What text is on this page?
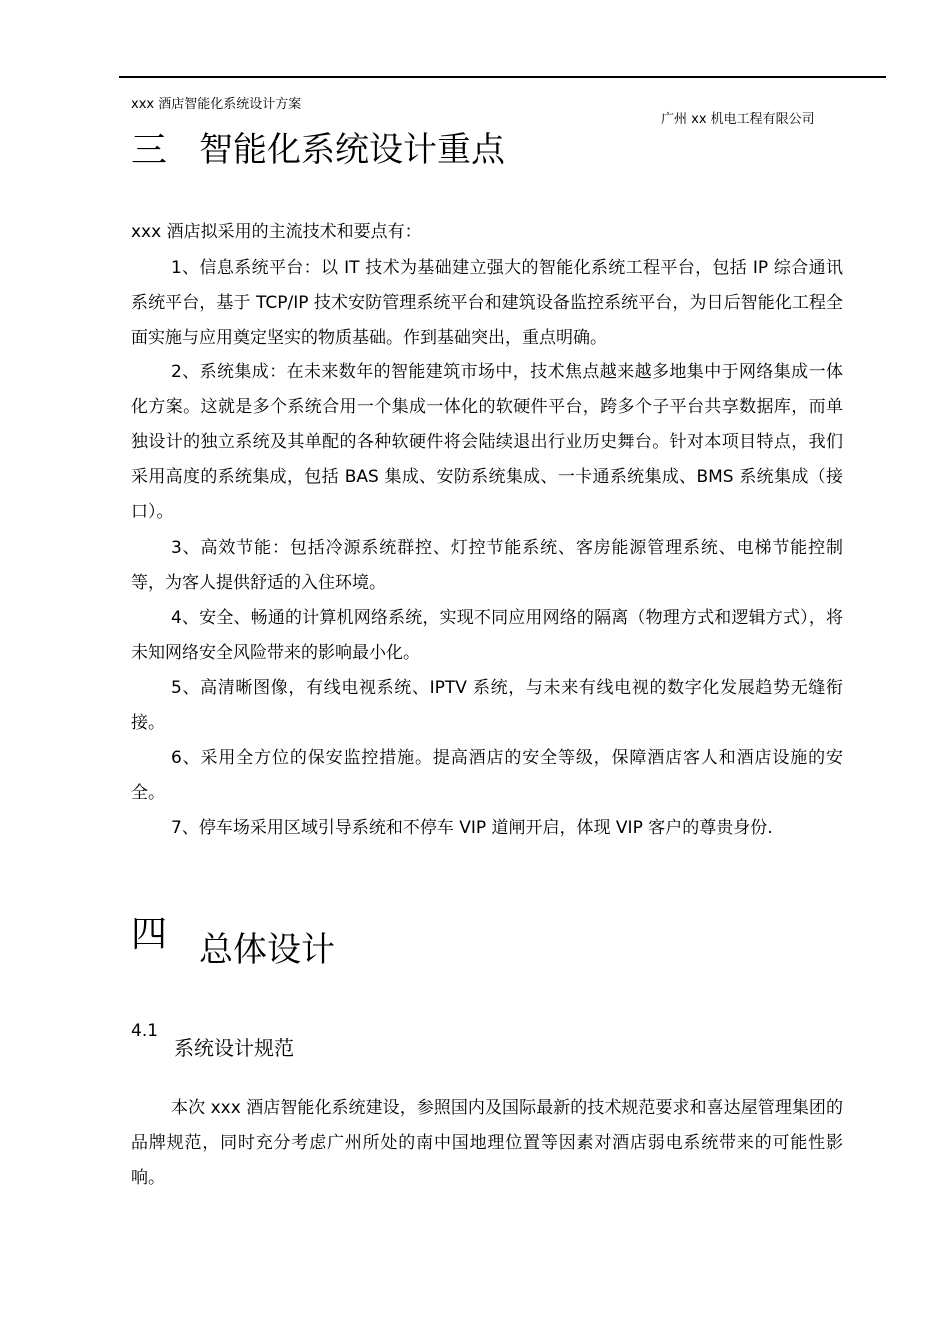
xxx 酒店智能化系统设计方案
广州 xx 机电工程有限公司
三 智能化系统设计重点
xxx 酒店拟采用的主流技术和要点有：
1、信息系统平台：以 IT 技术为基础建立强大的智能化系统工程平台，包括 IP 综合通讯系统平台，基于 TCP/IP 技术安防管理系统平台和建筑设备监控系统平台，为日后智能化工程全面实施与应用奠定坚实的物质基础。作到基础突出，重点明确。
2、系统集成：在未来数年的智能建筑市场中，技术焦点越来越多地集中于网络集成一体化方案。这就是多个系统合用一个集成一体化的软硬件平台，跨多个子平台共享数据库，而单独设计的独立系统及其单配的各种软硬件将会陆续退出行业历史舞台。针对本项目特点，我们采用高度的系统集成，包括 BAS 集成、安防系统集成、一卡通系统集成、BMS 系统集成（接口）。
3、高效节能：包括冷源系统群控、灯控节能系统、客房能源管理系统、电梯节能控制等，为客人提供舒适的入住环境。
4、安全、畅通的计算机网络系统，实现不同应用网络的隔离（物理方式和逻辑方式），将未知网络安全风险带来的影响最小化。
5、高清晰图像，有线电视系统、IPTV 系统，与未来有线电视的数字化发展趋势无缝衔接。
6、采用全方位的保安监控措施。提高酒店的安全等级，保障酒店客人和酒店设施的安全。
7、停车场采用区域引导系统和不停车 VIP 道闸开启，体现 VIP 客户的尊贵身份.
四 总体设计
4.1
系统设计规范
本次 xxx 酒店智能化系统建设，参照国内及国际最新的技术规范要求和喜达屋管理集团的品牌规范，同时充分考虑广州所处的南中国地理位置等因素对酒店弱电系统带来的可能性影响。
